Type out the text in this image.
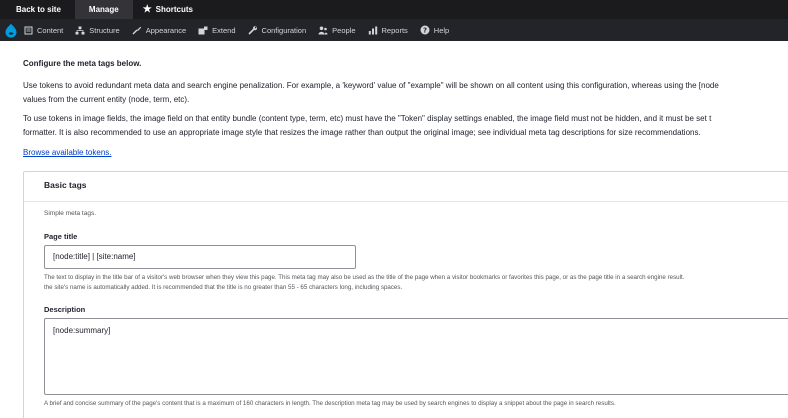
Back to site	Manage ★ Shortcuts
Content	Structure	Appearance	Extend	Configuration	People	Reports ? Help
Configure the meta tags below.
Use tokens to avoid redundant meta data and search engine penalization. For example, a 'keyword' value of "example" will be shown on all content using this configuration, whereas using the [node
values from the current entity (node, term, etc).
To use tokens in image fields, the image field on that entity bundle (content type, term, etc) must have the "Token" display settings enabled, the image field must not be hidden, and it must be set t
formatter. It is also recommended to use an appropriate image style that resizes the image rather than output the original image; see individual meta tag descriptions for size recommendations.
Browse available tokens.
Basic tags
Simple meta tags.
Page title
[node:title] | [site:name]
The text to display in the title bar of a visitor's web browser when they view this page. This meta tag may also be used as the title of the page when a visitor bookmarks or favorites this page, or as the page title in a search engine result.
the site's name is automatically added. It is recommended that the title is no greater than 55 - 65 characters long, including spaces.
Description
[node:summary]
A brief and concise summary of the page's content that is a maximum of 160 characters in length. The description meta tag may be used by search engines to display a snippet about the page in search results.
